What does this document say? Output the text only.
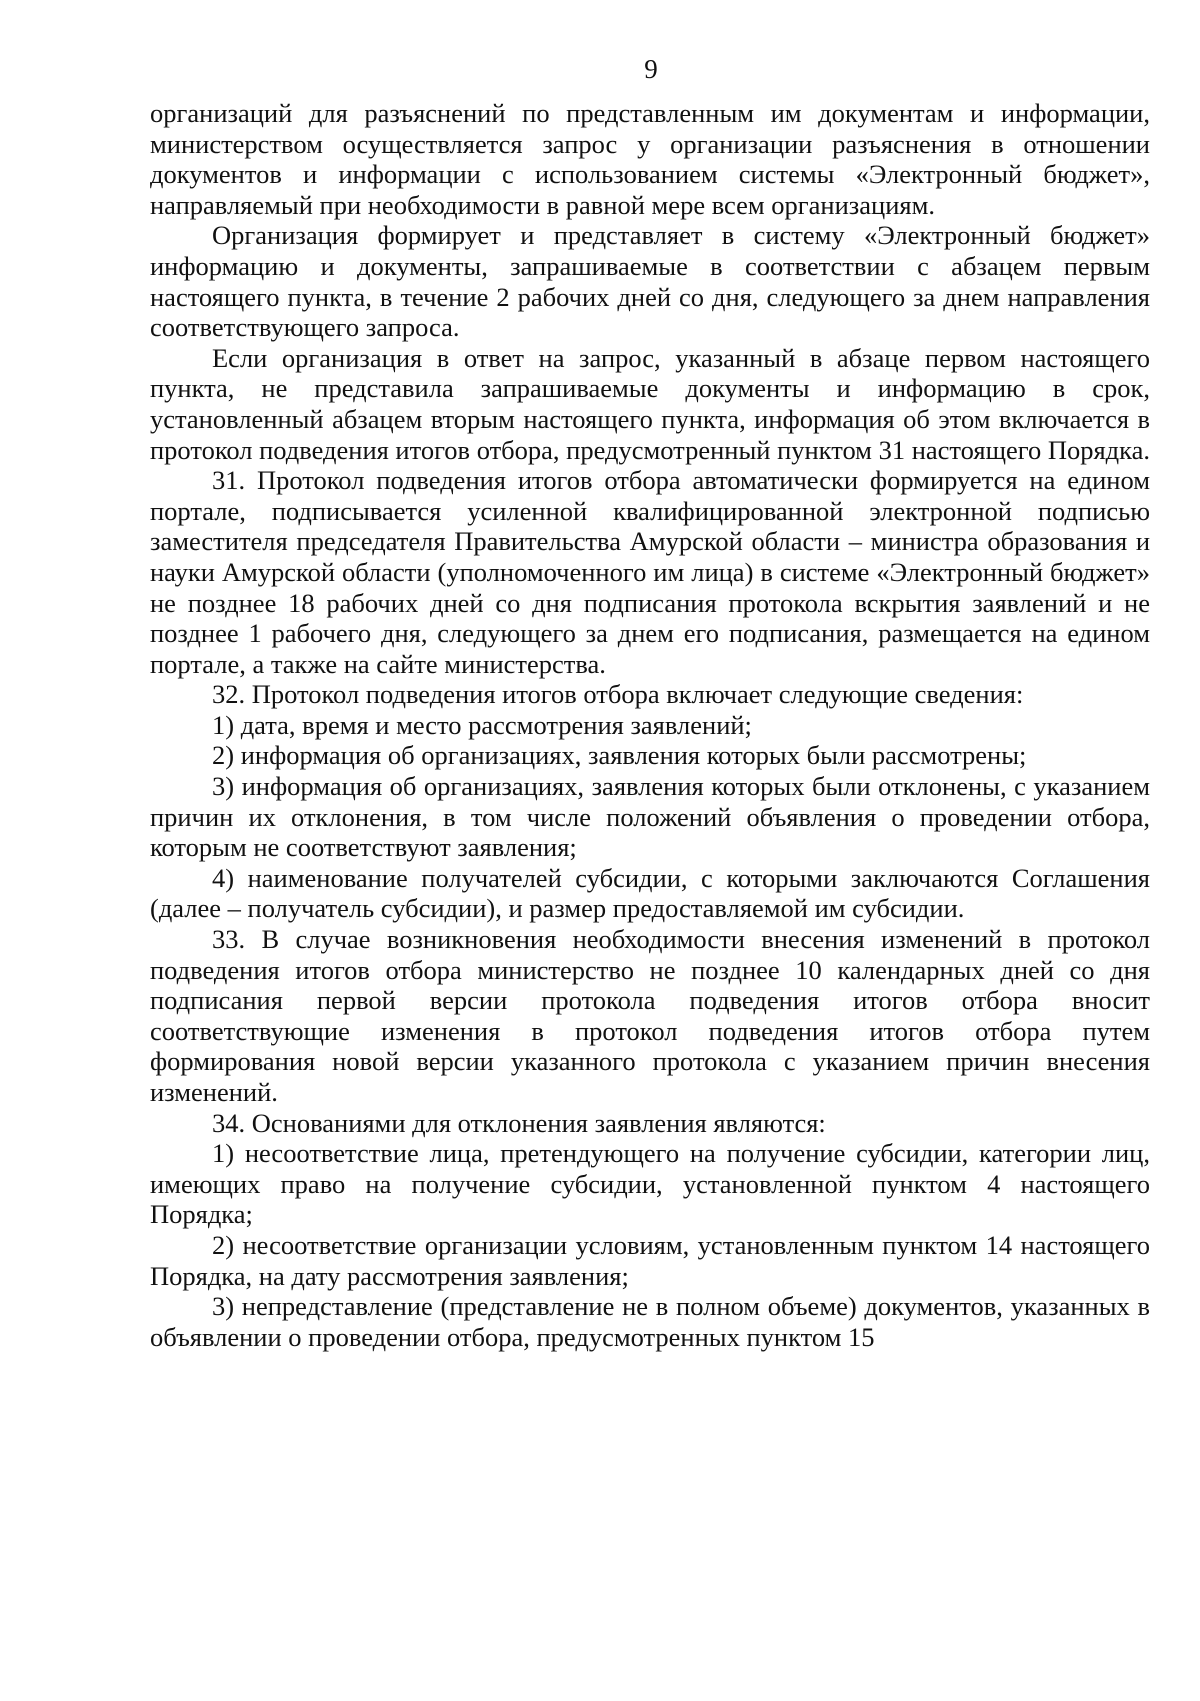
9

организаций для разъяснений по представленным им документам и информации, министерством осуществляется запрос у организации разъяснения в отношении документов и информации с использованием системы «Электронный бюджет», направляемый при необходимости в равной мере всем организациям.

Организация формирует и представляет в систему «Электронный бюджет» информацию и документы, запрашиваемые в соответствии с абзацем первым настоящего пункта, в течение 2 рабочих дней со дня, следующего за днем направления соответствующего запроса.

Если организация в ответ на запрос, указанный в абзаце первом настоящего пункта, не представила запрашиваемые документы и информацию в срок, установленный абзацем вторым настоящего пункта, информация об этом включается в протокол подведения итогов отбора, предусмотренный пунктом 31 настоящего Порядка.

31. Протокол подведения итогов отбора автоматически формируется на едином портале, подписывается усиленной квалифицированной электронной подписью заместителя председателя Правительства Амурской области – министра образования и науки Амурской области (уполномоченного им лица) в системе «Электронный бюджет» не позднее 18 рабочих дней со дня подписания протокола вскрытия заявлений и не позднее 1 рабочего дня, следующего за днем его подписания, размещается на едином портале, а также на сайте министерства.

32. Протокол подведения итогов отбора включает следующие сведения:

1) дата, время и место рассмотрения заявлений;

2) информация об организациях, заявления которых были рассмотрены;

3) информация об организациях, заявления которых были отклонены, с указанием причин их отклонения, в том числе положений объявления о проведении отбора, которым не соответствуют заявления;

4) наименование получателей субсидии, с которыми заключаются Соглашения (далее – получатель субсидии), и размер предоставляемой им субсидии.

33. В случае возникновения необходимости внесения изменений в протокол подведения итогов отбора министерство не позднее 10 календарных дней со дня подписания первой версии протокола подведения итогов отбора вносит соответствующие изменения в протокол подведения итогов отбора путем формирования новой версии указанного протокола с указанием причин внесения изменений.

34. Основаниями для отклонения заявления являются:

1) несоответствие лица, претендующего на получение субсидии, категории лиц, имеющих право на получение субсидии, установленной пунктом 4 настоящего Порядка;

2) несоответствие организации условиям, установленным пунктом 14 настоящего Порядка, на дату рассмотрения заявления;

3) непредставление (представление не в полном объеме) документов, указанных в объявлении о проведении отбора, предусмотренных пунктом 15
